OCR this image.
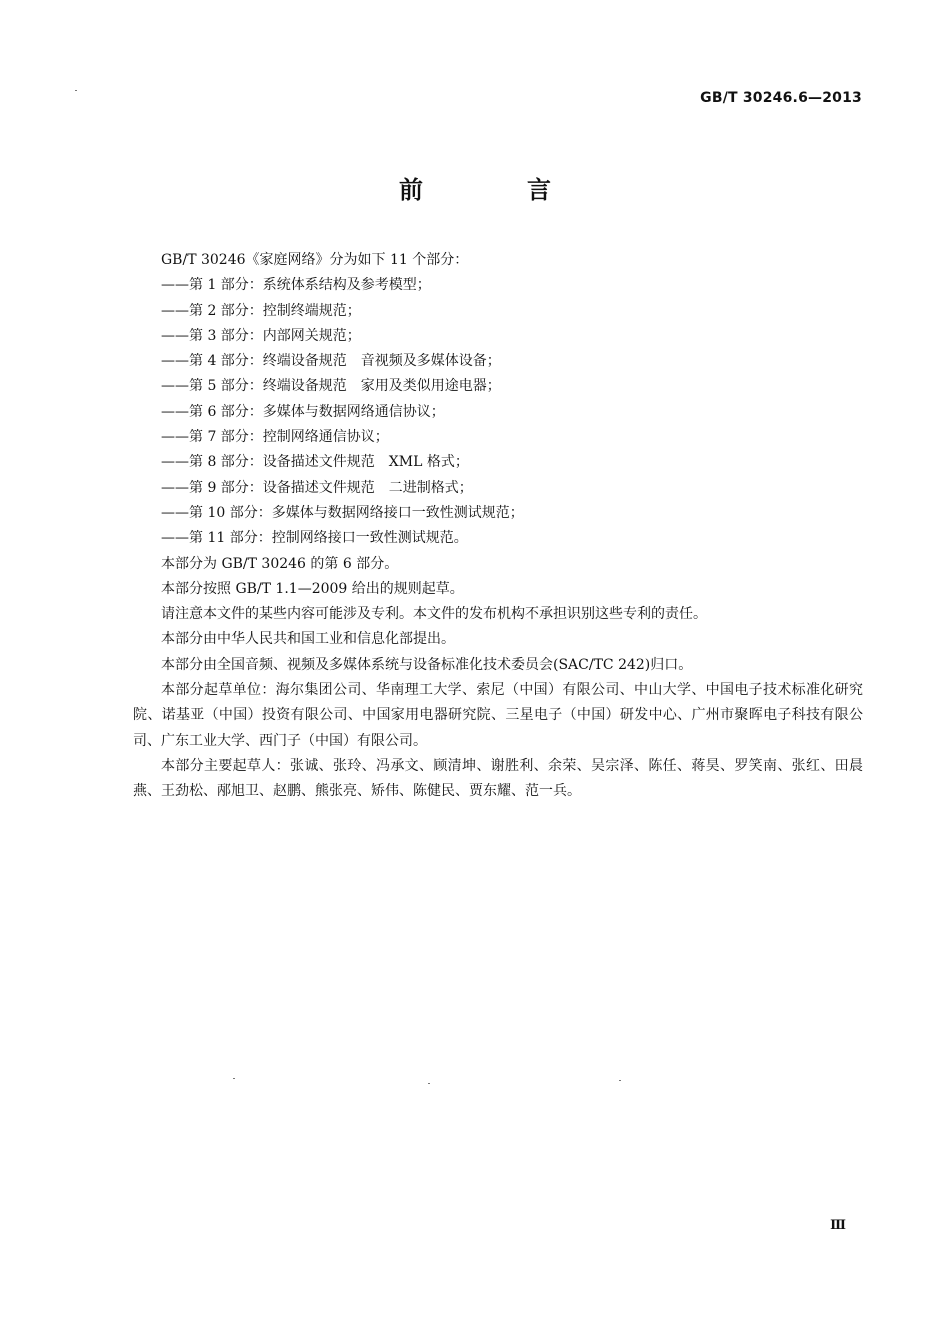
GB/T 30246.6—2013
前　言
GB/T 30246《家庭网络》分为如下 11 个部分：
——第 1 部分：系统体系结构及参考模型；
——第 2 部分：控制终端规范；
——第 3 部分：内部网关规范；
——第 4 部分：终端设备规范　音视频及多媒体设备；
——第 5 部分：终端设备规范　家用及类似用途电器；
——第 6 部分：多媒体与数据网络通信协议；
——第 7 部分：控制网络通信协议；
——第 8 部分：设备描述文件规范　XML 格式；
——第 9 部分：设备描述文件规范　二进制格式；
——第 10 部分：多媒体与数据网络接口一致性测试规范；
——第 11 部分：控制网络接口一致性测试规范。
本部分为 GB/T 30246 的第 6 部分。
本部分按照 GB/T 1.1—2009 给出的规则起草。
请注意本文件的某些内容可能涉及专利。本文件的发布机构不承担识别这些专利的责任。
本部分由中华人民共和国工业和信息化部提出。
本部分由全国音频、视频及多媒体系统与设备标准化技术委员会(SAC/TC 242)归口。
本部分起草单位：海尔集团公司、华南理工大学、索尼（中国）有限公司、中山大学、中国电子技术标准化研究院、诺基亚（中国）投资有限公司、中国家用电器研究院、三星电子（中国）研发中心、广州市聚晖电子科技有限公司、广东工业大学、西门子（中国）有限公司。
本部分主要起草人：张诚、张玲、冯承文、顾清坤、谢胜利、余荣、吴宗泽、陈任、蒋昊、罗笑南、张红、田晨燕、王劲松、邴旭卫、赵鹏、熊张亮、矫伟、陈健民、贾东耀、范一兵。
Ⅲ
